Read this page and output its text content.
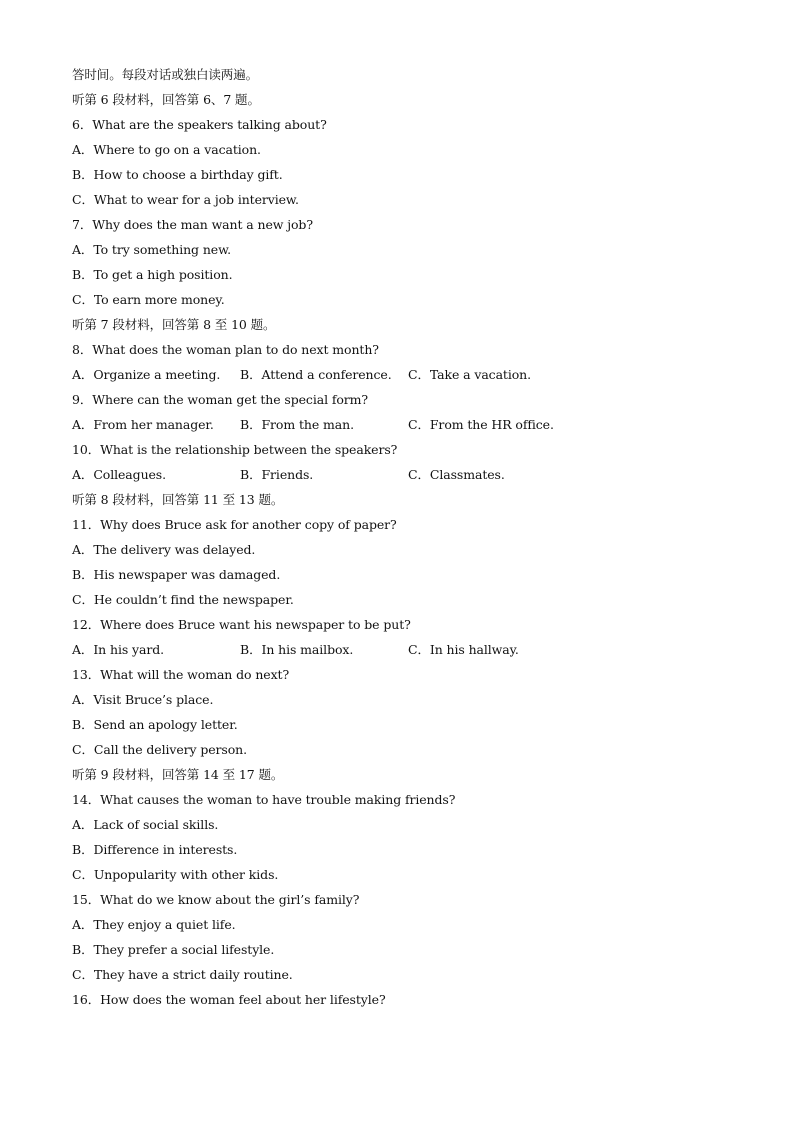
答时间。每段对话或独白读两遍。
听第 6 段材料，回答第 6、7 题。
6．What are the speakers talking about?
A．Where to go on a vacation.
B．How to choose a birthday gift.
C．What to wear for a job interview.
7．Why does the man want a new job?
A．To try something new.
B．To get a high position.
C．To earn more money.
听第 7 段材料，回答第 8 至 10 题。
8．What does the woman plan to do next month?
A．Organize a meeting.	B．Attend a conference.	C．Take a vacation.
9．Where can the woman get the special form?
A．From her manager.	B．From the man.	C．From the HR office.
10．What is the relationship between the speakers?
A．Colleagues.	B．Friends.	C．Classmates.
听第 8 段材料，回答第 11 至 13 题。
11．Why does Bruce ask for another copy of paper?
A．The delivery was delayed.
B．His newspaper was damaged.
C．He couldn’t find the newspaper.
12．Where does Bruce want his newspaper to be put?
A．In his yard.	B．In his mailbox.	C．In his hallway.
13．What will the woman do next?
A．Visit Bruce’s place.
B．Send an apology letter.
C．Call the delivery person.
听第 9 段材料，回答第 14 至 17 题。
14．What causes the woman to have trouble making friends?
A．Lack of social skills.
B．Difference in interests.
C．Unpopularity with other kids.
15．What do we know about the girl’s family?
A．They enjoy a quiet life.
B．They prefer a social lifestyle.
C．They have a strict daily routine.
16．How does the woman feel about her lifestyle?
